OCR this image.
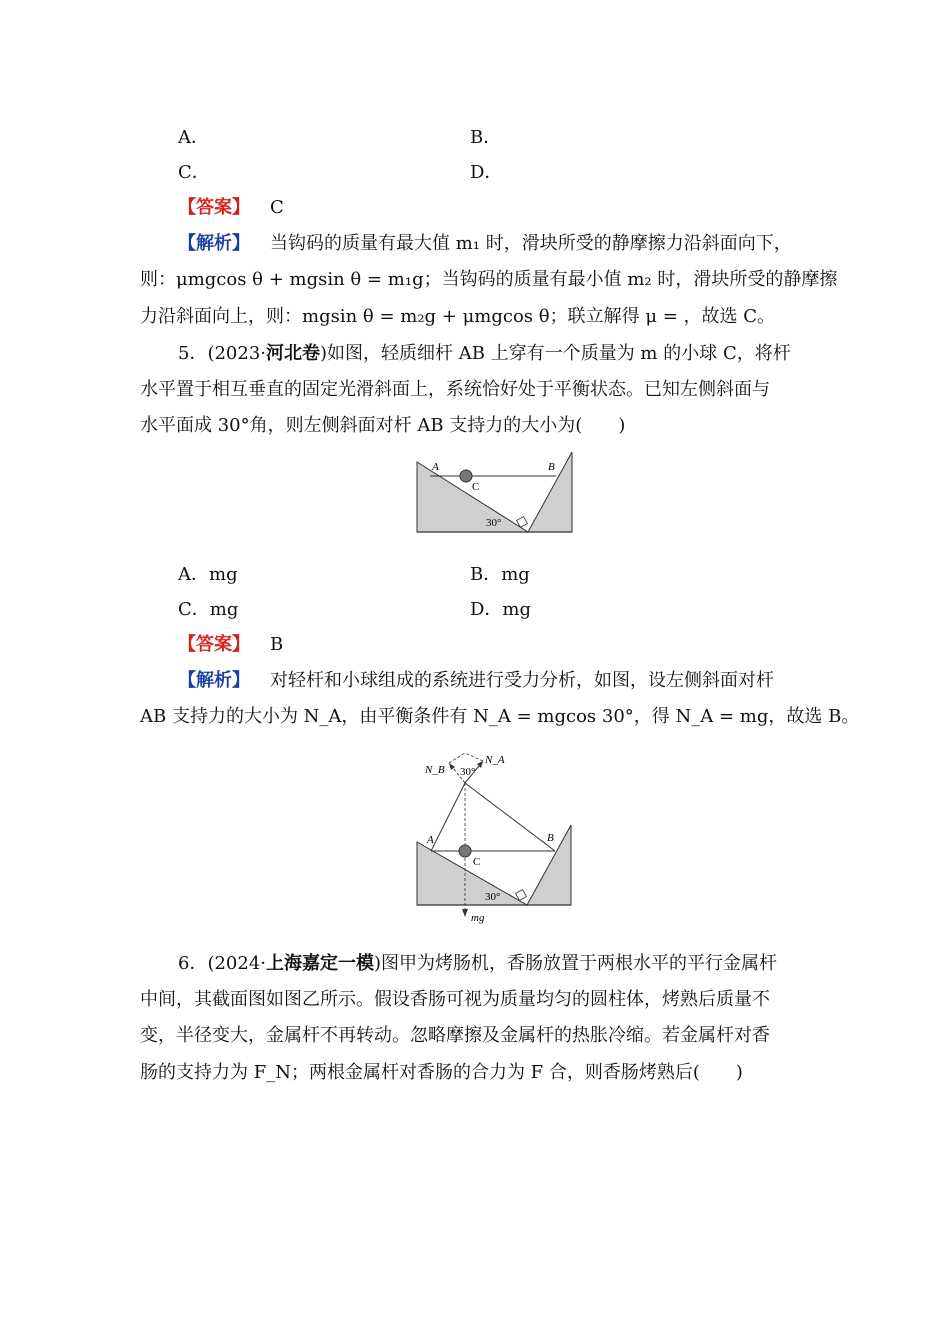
A．	B．
C．	D．
【答案】 C
【解析】 当钩码的质量有最大值 m₁ 时，滑块所受的静摩擦力沿斜面向下，
则：μmgcos θ + mgsin θ = m₁g；当钩码的质量有最小值 m₂ 时，滑块所受的静摩擦
力沿斜面向上，则：mgsin θ = m₂g + μmgcos θ；联立解得 μ = ，故选 C。
5．(2023·河北卷)如图，轻质细杆 AB 上穿有一个质量为 m 的小球 C，将杆
水平置于相互垂直的固定光滑斜面上，系统恰好处于平衡状态。已知左侧斜面与
水平面成 30°角，则左侧斜面对杆 AB 支持力的大小为(　　)
A	B
C
30°
A．mg	B．mg
C．mg	D．mg
【答案】 B
【解析】 对轻杆和小球组成的系统进行受力分析，如图，设左侧斜面对杆
AB 支持力的大小为 N_A，由平衡条件有 N_A = mgcos 30°，得 N_A = mg，故选 B。
A	B
C
30°
30°
N_A
N_B
mg
6．(2024·上海嘉定一模)图甲为烤肠机，香肠放置于两根水平的平行金属杆
中间，其截面图如图乙所示。假设香肠可视为质量均匀的圆柱体，烤熟后质量不
变，半径变大，金属杆不再转动。忽略摩擦及金属杆的热胀冷缩。若金属杆对香
肠的支持力为 F_N；两根金属杆对香肠的合力为 F 合，则香肠烤熟后(　　)
